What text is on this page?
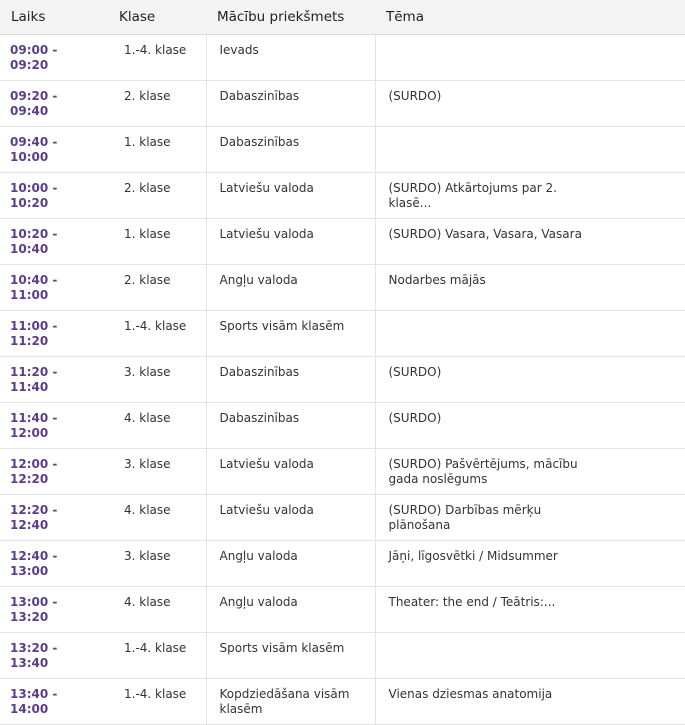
Laiks	Klase	Mācību priekšmets	Tēma
09:00 - 09:20	1.-4. klase	Ievads	
09:20 - 09:40	2. klase	Dabaszinības	(SURDO)
09:40 - 10:00	1. klase	Dabaszinības	
10:00 - 10:20	2. klase	Latviešu valoda	(SURDO) Atkārtojums par 2. klasē...
10:20 - 10:40	1. klase	Latviešu valoda	(SURDO) Vasara, Vasara, Vasara
10:40 - 11:00	2. klase	Angļu valoda	Nodarbes mājās
11:00 - 11:20	1.-4. klase	Sports visām klasēm	
11:20 - 11:40	3. klase	Dabaszinības	(SURDO)
11:40 - 12:00	4. klase	Dabaszinības	(SURDO)
12:00 - 12:20	3. klase	Latviešu valoda	(SURDO) Pašvērtējums, mācību gada noslēgums
12:20 - 12:40	4. klase	Latviešu valoda	(SURDO) Darbības mērķu plānošana
12:40 - 13:00	3. klase	Angļu valoda	Jāņi, līgosvētki / Midsummer
13:00 - 13:20	4. klase	Angļu valoda	Theater: the end / Teātris:...
13:20 - 13:40	1.-4. klase	Sports visām klasēm	
13:40 - 14:00	1.-4. klase	Kopdziedāšana visām klasēm	Vienas dziesmas anatomija
